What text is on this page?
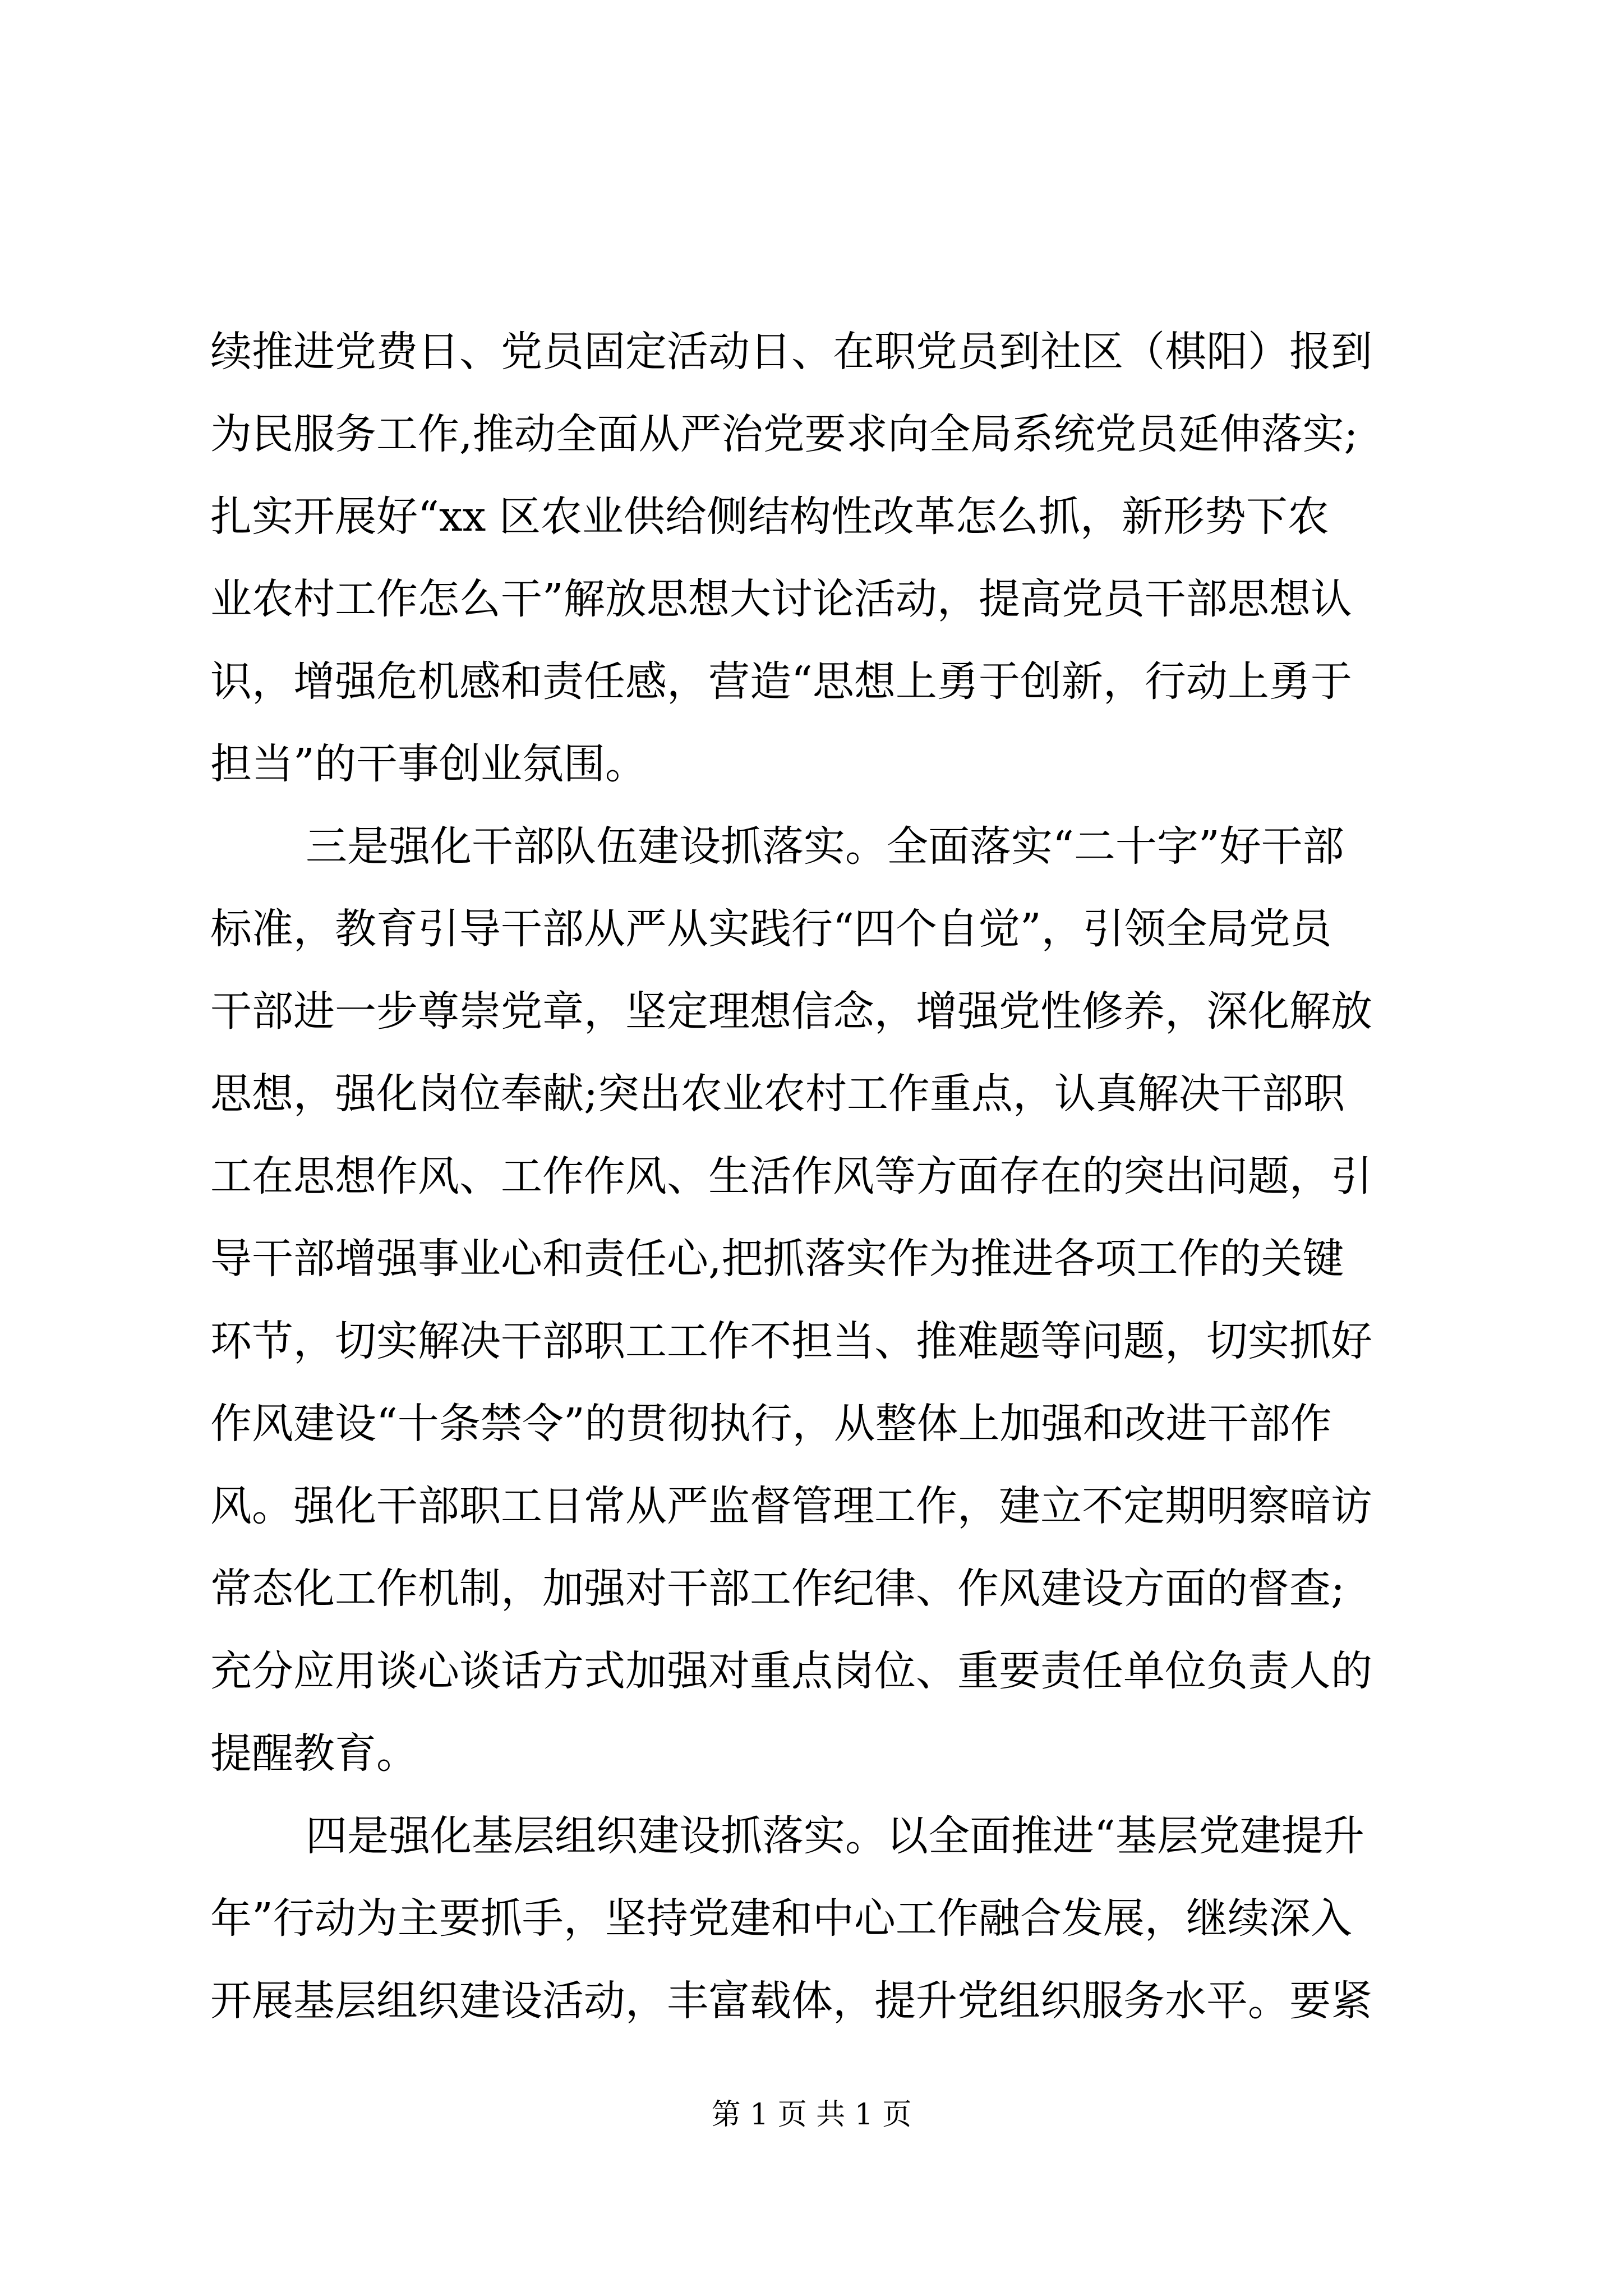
续推进党费日、党员固定活动日、在职党员到社区（棋阳）报到
为民服务工作,推动全面从严治党要求向全局系统党员延伸落实;
扎实开展好“xx 区农业供给侧结构性改革怎么抓，新形势下农
业农村工作怎么干”解放思想大讨论活动，提高党员干部思想认
识，增强危机感和责任感，营造“思想上勇于创新，行动上勇于
担当”的干事创业氛围。
三是强化干部队伍建设抓落实。全面落实“二十字”好干部
标准，教育引导干部从严从实践行“四个自觉”，引领全局党员
干部进一步尊崇党章，坚定理想信念，增强党性修养，深化解放
思想，强化岗位奉献;突出农业农村工作重点，认真解决干部职
工在思想作风、工作作风、生活作风等方面存在的突出问题，引
导干部增强事业心和责任心,把抓落实作为推进各项工作的关键
环节，切实解决干部职工工作不担当、推难题等问题，切实抓好
作风建设“十条禁令”的贯彻执行，从整体上加强和改进干部作
风。强化干部职工日常从严监督管理工作，建立不定期明察暗访
常态化工作机制，加强对干部工作纪律、作风建设方面的督查;
充分应用谈心谈话方式加强对重点岗位、重要责任单位负责人的
提醒教育。
四是强化基层组织建设抓落实。以全面推进“基层党建提升
年”行动为主要抓手，坚持党建和中心工作融合发展，继续深入
开展基层组织建设活动，丰富载体，提升党组织服务水平。要紧
第 1 页 共 1 页
